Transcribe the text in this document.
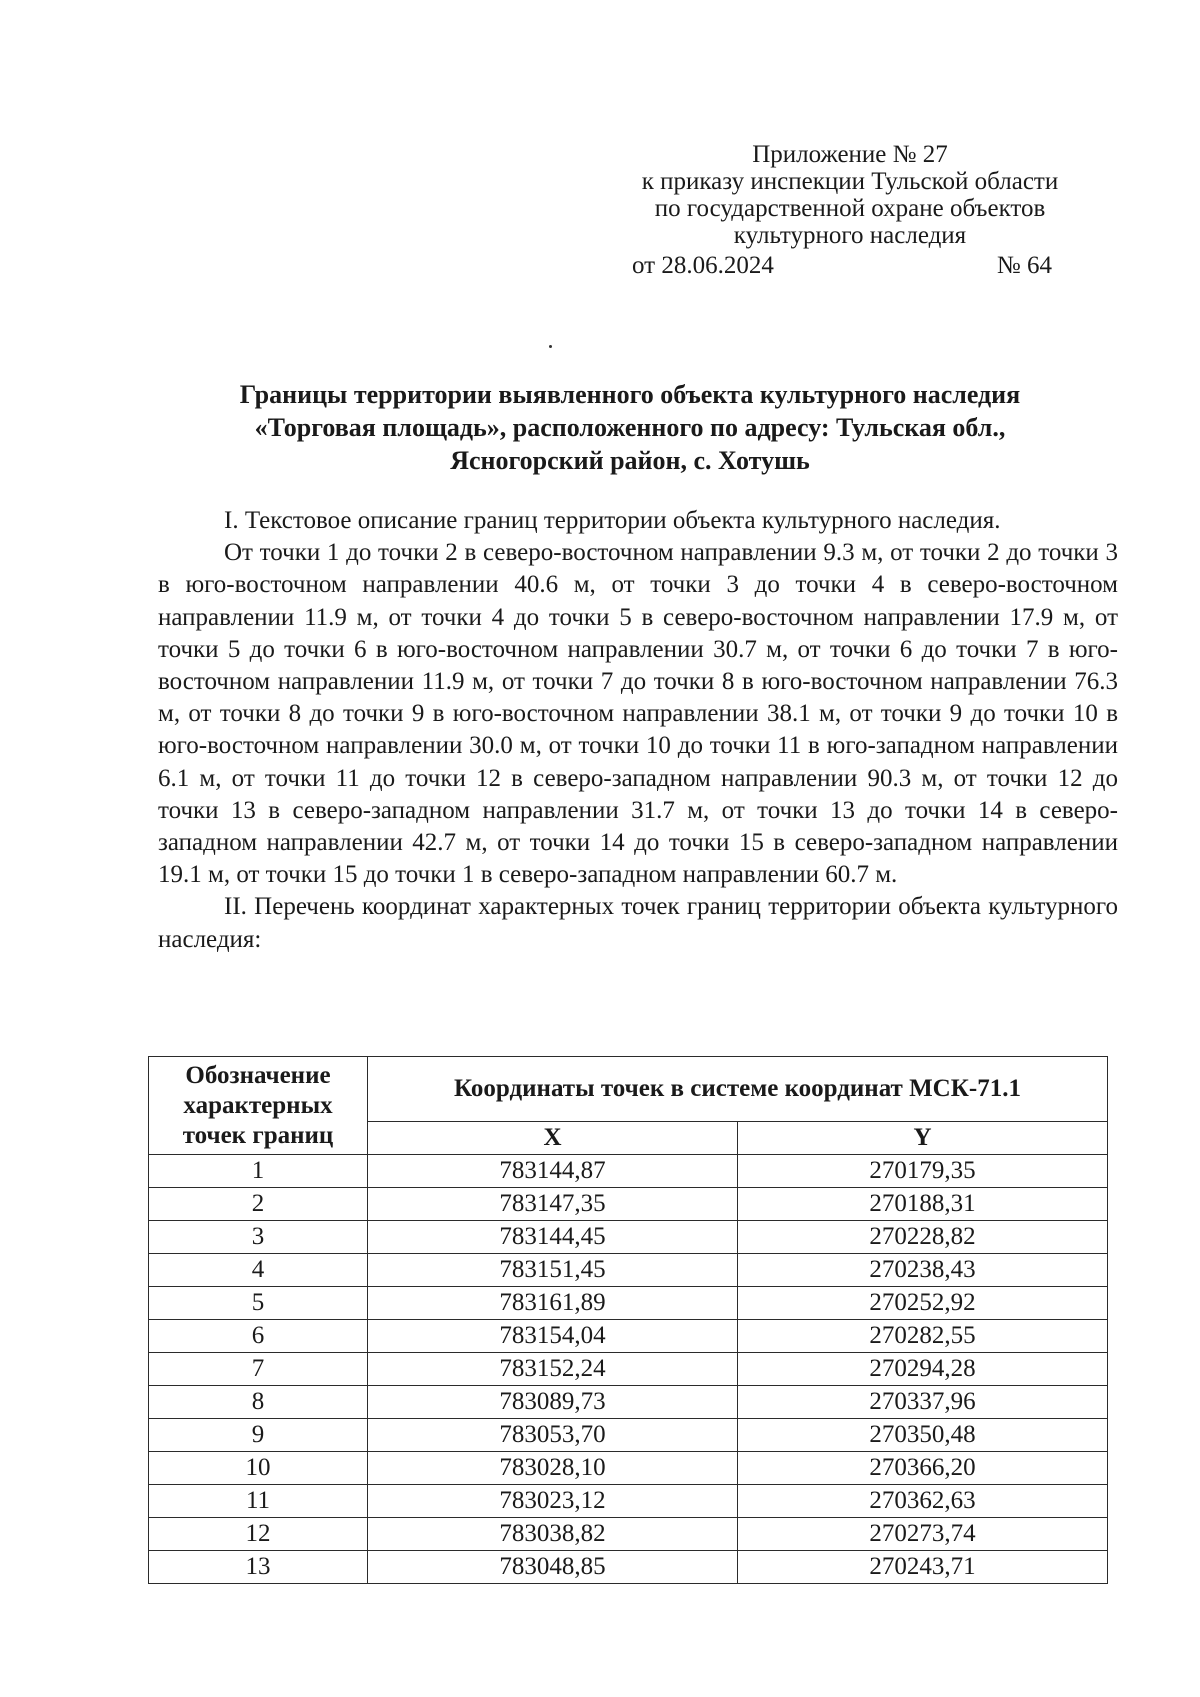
Приложение № 27
к приказу инспекции Тульской области
по государственной охране объектов
культурного наследия
от 28.06.2024	№ 64
Границы территории выявленного объекта культурного наследия
«Торговая площадь», расположенного по адресу: Тульская обл.,
Ясногорский район, с. Хотушь

I. Текстовое описание границ территории объекта культурного наследия.

От точки 1 до точки 2 в северо-восточном направлении 9.3 м, от точки 2 до точки 3 в юго-восточном направлении 40.6 м, от точки 3 до точки 4 в северо-восточном направлении 11.9 м, от точки 4 до точки 5 в северо-восточном направлении 17.9 м, от точки 5 до точки 6 в юго-восточном направлении 30.7 м, от точки 6 до точки 7 в юго-восточном направлении 11.9 м, от точки 7 до точки 8 в юго-восточном направлении 76.3 м, от точки 8 до точки 9 в юго-восточном направлении 38.1 м, от точки 9 до точки 10 в юго-восточном направлении 30.0 м, от точки 10 до точки 11 в юго-западном направлении 6.1 м, от точки 11 до точки 12 в северо-западном направлении 90.3 м, от точки 12 до точки 13 в северо-западном направлении 31.7 м, от точки 13 до точки 14 в северо-западном направлении 42.7 м, от точки 14 до точки 15 в северо-западном направлении 19.1 м, от точки 15 до точки 1 в северо-западном направлении 60.7 м.

II. Перечень координат характерных точек границ территории объекта культурного наследия:

Обозначение характерных точек границ	Координаты точек в системе координат МСК-71.1	
	X	Y
1	783144,87	270179,35
2	783147,35	270188,31
3	783144,45	270228,82
4	783151,45	270238,43
5	783161,89	270252,92
6	783154,04	270282,55
7	783152,24	270294,28
8	783089,73	270337,96
9	783053,70	270350,48
10	783028,10	270366,20
11	783023,12	270362,63
12	783038,82	270273,74
13	783048,85	270243,71
